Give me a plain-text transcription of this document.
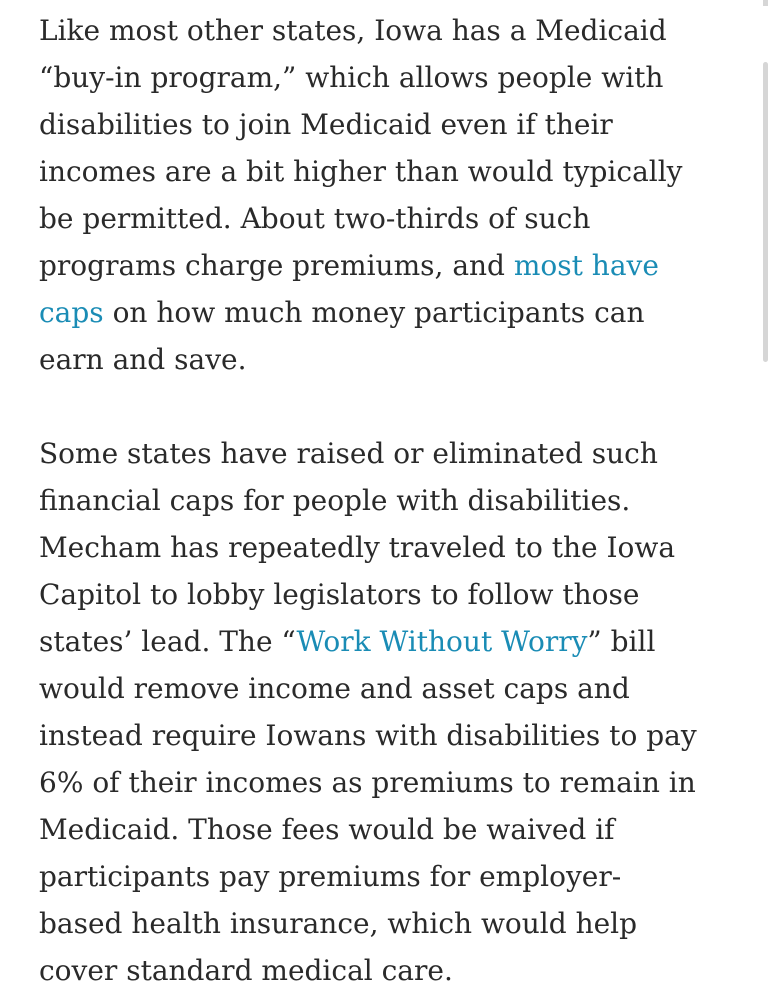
Like most other states, Iowa has a Medicaid
“buy-in program,” which allows people with
disabilities to join Medicaid even if their
incomes are a bit higher than would typically
be permitted. About two-thirds of such
programs charge premiums, and most have
caps on how much money participants can
earn and save.

Some states have raised or eliminated such
financial caps for people with disabilities.
Mecham has repeatedly traveled to the Iowa
Capitol to lobby legislators to follow those
states’ lead. The “Work Without Worry” bill
would remove income and asset caps and
instead require Iowans with disabilities to pay
6% of their incomes as premiums to remain in
Medicaid. Those fees would be waived if
participants pay premiums for employer-
based health insurance, which would help
cover standard medical care.
